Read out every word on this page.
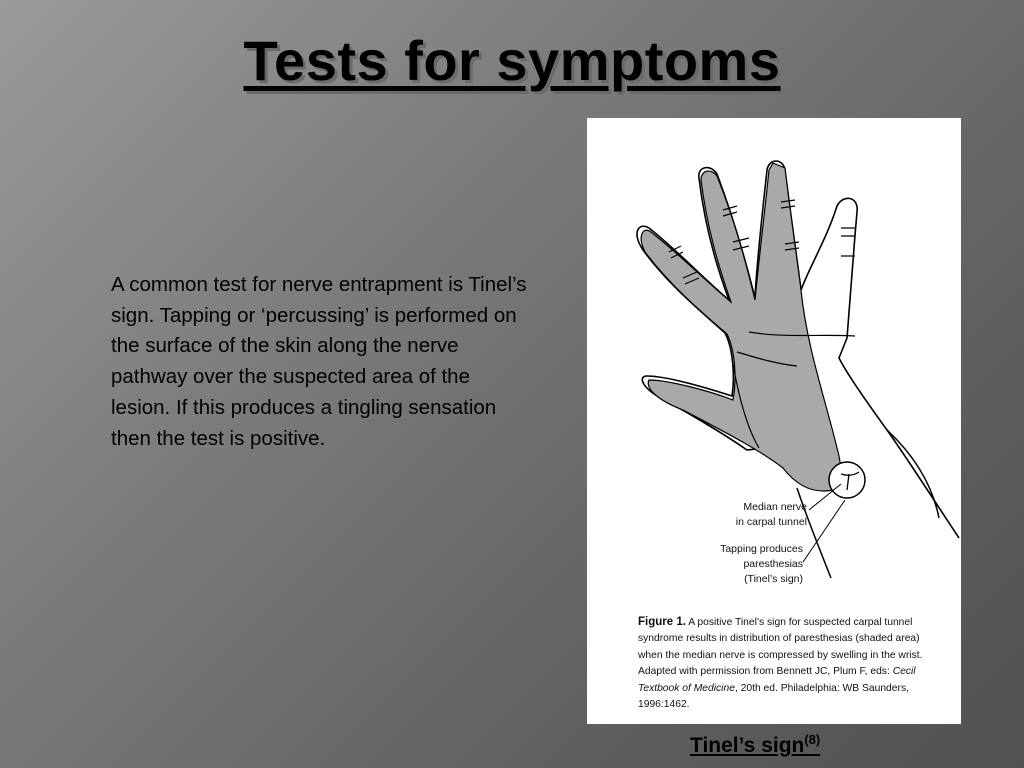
Tests for symptoms
A common test for nerve entrapment is Tinel’s sign. Tapping or ‘percussing’ is performed on the surface of the skin along the nerve pathway over the suspected area of the lesion. If this produces a tingling sensation then the test is positive.
Median nerve
in carpal tunnel
Tapping produces
paresthesias
(Tinel’s sign)
Figure 1. A positive Tinel’s sign for suspected carpal tunnel syndrome results in distribution of paresthesias (shaded area) when the median nerve is compressed by swelling in the wrist. Adapted with permission from Bennett JC, Plum F, eds: Cecil Textbook of Medicine, 20th ed. Philadelphia: WB Saunders, 1996:1462.
Tinel’s sign$^{(8)}$
